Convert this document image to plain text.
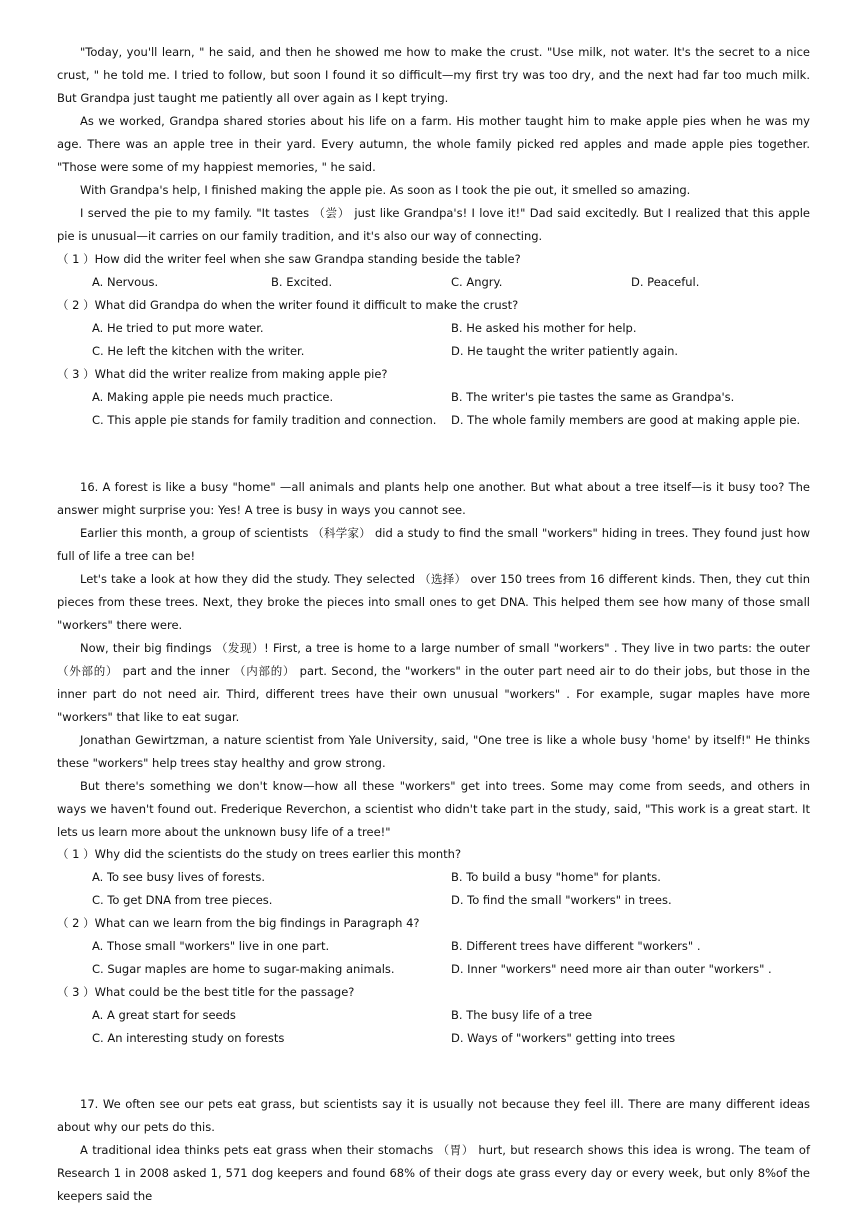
"Today, you'll learn, " he said, and then he showed me how to make the crust. "Use milk, not water. It's the secret to a nice crust, " he told me. I tried to follow, but soon I found it so difficult—my first try was too dry, and the next had far too much milk. But Grandpa just taught me patiently all over again as I kept trying.

As we worked, Grandpa shared stories about his life on a farm. His mother taught him to make apple pies when he was my age. There was an apple tree in their yard. Every autumn, the whole family picked red apples and made apple pies together. "Those were some of my happiest memories, " he said.

With Grandpa's help, I finished making the apple pie. As soon as I took the pie out, it smelled so amazing.

I served the pie to my family. "It tastes （尝） just like Grandpa's! I love it!" Dad said excitedly. But I realized that this apple pie is unusual—it carries on our family tradition, and it's also our way of connecting.

（ 1 ）How did the writer feel when she saw Grandpa standing beside the table?

A. Nervous.	B. Excited.	C. Angry.	D. Peaceful.

（ 2 ）What did Grandpa do when the writer found it difficult to make the crust?

A. He tried to put more water.	B. He asked his mother for help.
C. He left the kitchen with the writer.	D. He taught the writer patiently again.

（ 3 ）What did the writer realize from making apple pie?

A. Making apple pie needs much practice.	B. The writer's pie tastes the same as Grandpa's.
C. This apple pie stands for family tradition and connection. D. The whole family members are good at making apple pie.

16. A forest is like a busy "home" —all animals and plants help one another. But what about a tree itself—is it busy too? The answer might surprise you: Yes! A tree is busy in ways you cannot see.

Earlier this month, a group of scientists （科学家） did a study to find the small "workers" hiding in trees. They found just how full of life a tree can be!

Let's take a look at how they did the study. They selected （选择） over 150 trees from 16 different kinds. Then, they cut thin pieces from these trees. Next, they broke the pieces into small ones to get DNA. This helped them see how many of those small "workers" there were.

Now, their big findings （发现）! First, a tree is home to a large number of small "workers" . They live in two parts: the outer （外部的） part and the inner （内部的） part. Second, the "workers" in the outer part need air to do their jobs, but those in the inner part do not need air. Third, different trees have their own unusual "workers" . For example, sugar maples have more "workers" that like to eat sugar.

Jonathan Gewirtzman, a nature scientist from Yale University, said, "One tree is like a whole busy 'home' by itself!" He thinks these "workers" help trees stay healthy and grow strong.

But there's something we don't know—how all these "workers" get into trees. Some may come from seeds, and others in ways we haven't found out. Frederique Reverchon, a scientist who didn't take part in the study, said, "This work is a great start. It lets us learn more about the unknown busy life of a tree!"

（ 1 ）Why did the scientists do the study on trees earlier this month?

A. To see busy lives of forests.	B. To build a busy "home" for plants.
C. To get DNA from tree pieces.	D. To find the small "workers" in trees.

（ 2 ）What can we learn from the big findings in Paragraph 4?

A. Those small "workers" live in one part.	B. Different trees have different "workers" .
C. Sugar maples are home to sugar-making animals.	D. Inner "workers" need more air than outer "workers" .

（ 3 ）What could be the best title for the passage?

A. A great start for seeds	B. The busy life of a tree
C. An interesting study on forests	D. Ways of "workers" getting into trees

17. We often see our pets eat grass, but scientists say it is usually not because they feel ill. There are many different ideas about why our pets do this.

A traditional idea thinks pets eat grass when their stomachs （胃） hurt, but research shows this idea is wrong. The team of Research 1 in 2008 asked 1, 571 dog keepers and found 68% of their dogs ate grass every day or every week, but only 8%of the keepers said the
